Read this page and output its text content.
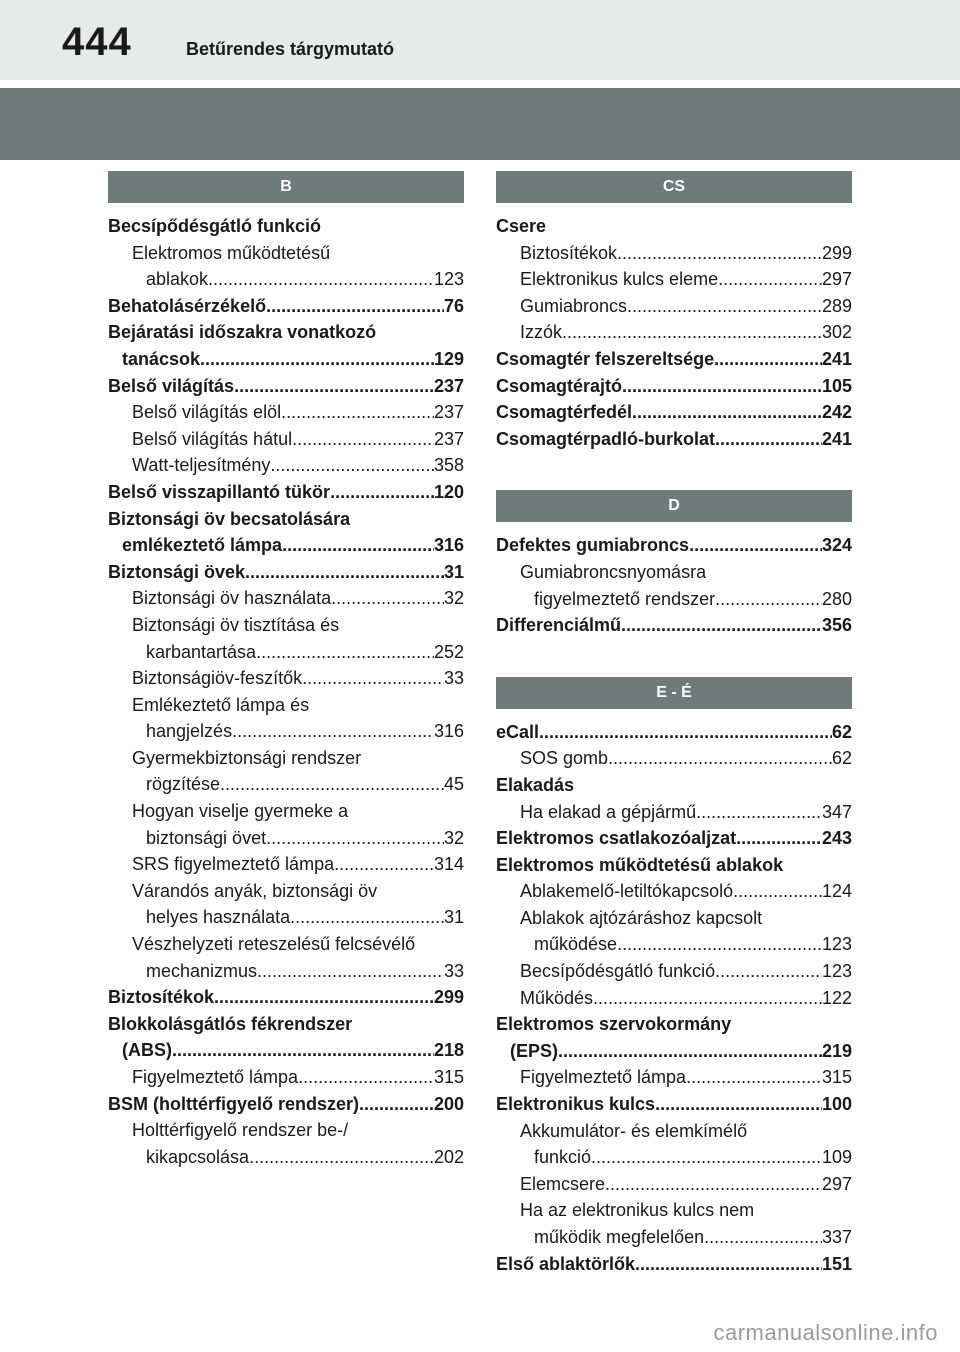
444	Betűrendes tárgymutató
B
Becsípődésgátló funkció
Elektromos működtetésű
ablakok .....	123
Behatolásérzékelő .....	76
Bejáratási időszakra vonatkozó
tanácsok .....	129
Belső világítás .....	237
Belső világítás elöl .....	237
Belső világítás hátul .....	237
Watt-teljesítmény .....	358
Belső visszapillantó tükör .....	120
Biztonsági öv becsatolására
emlékeztető lámpa .....	316
Biztonsági övek .....	31
Biztonsági öv használata .....	32
Biztonsági öv tisztítása és
karbantartása .....	252
Biztonságiöv-feszítők .....	33
Emlékeztető lámpa és
hangjelzés .....	316
Gyermekbiztonsági rendszer
rögzítése .....	45
Hogyan viselje gyermeke a
biztonsági övet .....	32
SRS figyelmeztető lámpa .....	314
Várandós anyák, biztonsági öv
helyes használata .....	31
Vészhelyzeti reteszelésű felcsévélő
mechanizmus .....	33
Biztosítékok .....	299
Blokkolásgátlós fékrendszer
(ABS) .....	218
Figyelmeztető lámpa .....	315
BSM (holttérfigyelő rendszer) .....	200
Holttérfigyelő rendszer be-/
kikapcsolása .....	202
CS
Csere
Biztosítékok .....	299
Elektronikus kulcs eleme .....	297
Gumiabroncs .....	289
Izzók .....	302
Csomagtér felszereltsége .....	241
Csomagtérajtó .....	105
Csomagtérfedél .....	242
Csomagtérpadló-burkolat .....	241
D
Defektes gumiabroncs .....	324
Gumiabroncsnyomásra
figyelmeztető rendszer .....	280
Differenciálmű .....	356
E - É
eCall .....	62
SOS gomb .....	62
Elakadás
Ha elakad a gépjármű .....	347
Elektromos csatlakozóaljzat .....	243
Elektromos működtetésű ablakok
Ablakemelő-letiltókapcsoló .....	124
Ablakok ajtózáráshoz kapcsolt
működése .....	123
Becsípődésgátló funkció .....	123
Működés .....	122
Elektromos szervokormány
(EPS) .....	219
Figyelmeztető lámpa .....	315
Elektronikus kulcs .....	100
Akkumulátor- és elemkímélő
funkció .....	109
Elemcsere .....	297
Ha az elektronikus kulcs nem
működik megfelelően .....	337
Első ablaktörlők .....	151
carmanualsonline.info
